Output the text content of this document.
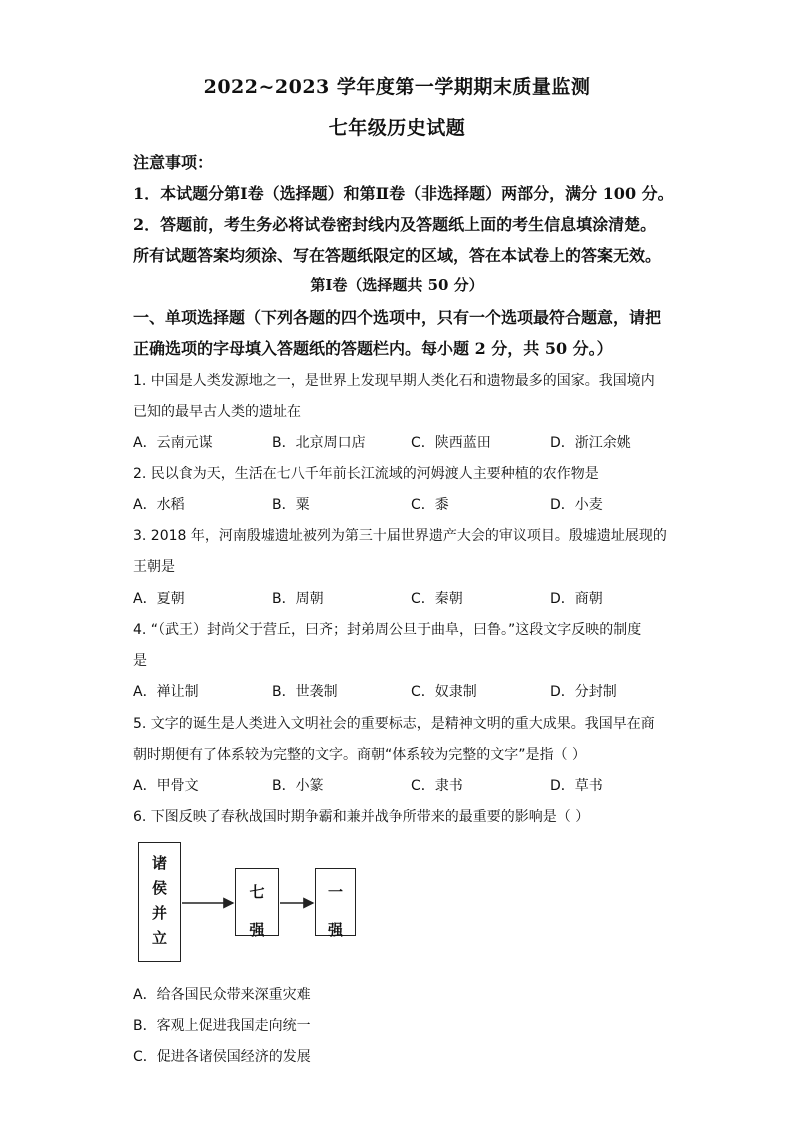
2022~2023 学年度第一学期期末质量监测
七年级历史试题
注意事项：
1．本试题分第Ⅰ卷（选择题）和第Ⅱ卷（非选择题）两部分，满分 100 分。
2．答题前，考生务必将试卷密封线内及答题纸上面的考生信息填涂清楚。
所有试题答案均须涂、写在答题纸限定的区域，答在本试卷上的答案无效。
第Ⅰ卷（选择题共 50 分）
一、单项选择题（下列各题的四个选项中，只有一个选项最符合题意，请把
正确选项的字母填入答题纸的答题栏内。每小题 2 分，共 50 分。）
1. 中国是人类发源地之一，是世界上发现早期人类化石和遗物最多的国家。我国境内
已知的最早古人类的遗址在
A．云南元谋	B．北京周口店	C．陕西蓝田	D．浙江余姚
2. 民以食为天，生活在七八千年前长江流域的河姆渡人主要种植的农作物是
A．水稻	B．粟	C．黍	D．小麦
3. 2018 年，河南殷墟遗址被列为第三十届世界遗产大会的审议项目。殷墟遗址展现的
王朝是
A．夏朝	B．周朝	C．秦朝	D．商朝
4. “（武王）封尚父于营丘，曰齐；封弟周公旦于曲阜，曰鲁。”这段文字反映的制度
是
A．禅让制	B．世袭制	C．奴隶制	D．分封制
5. 文字的诞生是人类进入文明社会的重要标志，是精神文明的重大成果。我国早在商
朝时期便有了体系较为完整的文字。商朝“体系较为完整的文字”是指（ ）
A．甲骨文	B．小篆	C．隶书	D．草书
6. 下图反映了春秋战国时期争霸和兼并战争所带来的最重要的影响是（ ）
诸
侯
并
立
七
强
一
强
A．给各国民众带来深重灾难
B．客观上促进我国走向统一
C．促进各诸侯国经济的发展
